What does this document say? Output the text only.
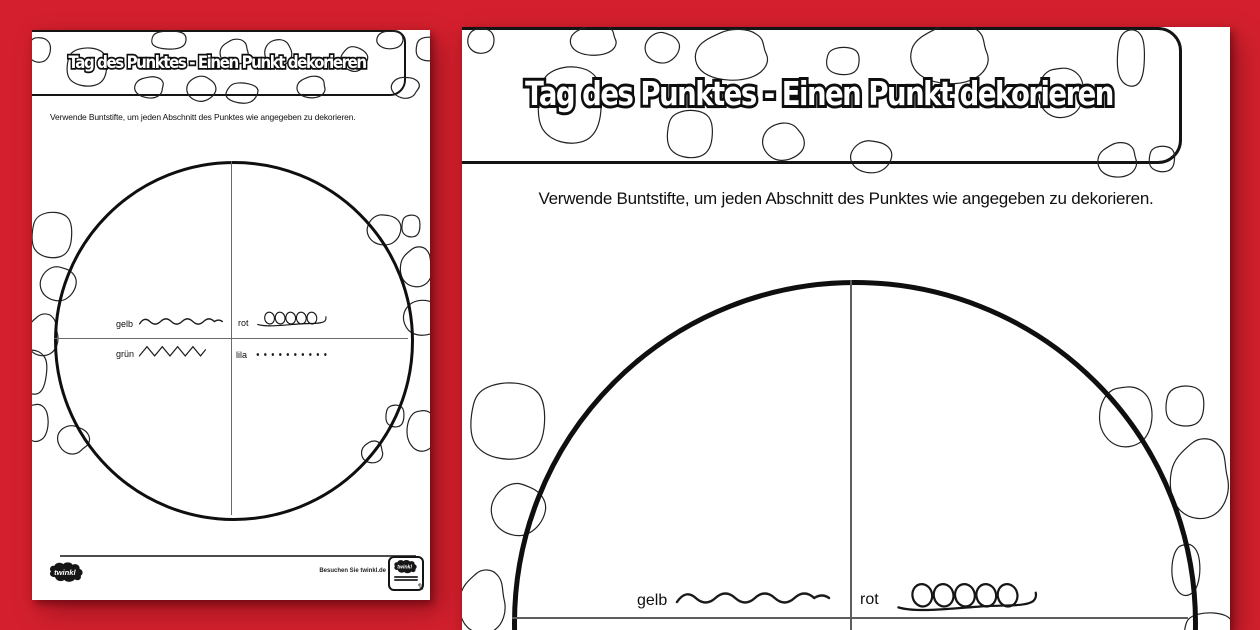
Tag des Punktes - Einen Punkt dekorieren Tag des Punktes - Einen Punkt dekorieren

Verwende Buntstifte, um jeden Abschnitt des Punktes wie angegeben zu dekorieren.

gelb	rot
grün	lila
twinkl	Besuchen Sie twinkl.de
twinkl
✎
Tag des Punktes - Einen Punkt dekorieren Tag des Punktes - Einen Punkt dekorieren

Verwende Buntstifte, um jeden Abschnitt des Punktes wie angegeben zu dekorieren.

gelb	rot
